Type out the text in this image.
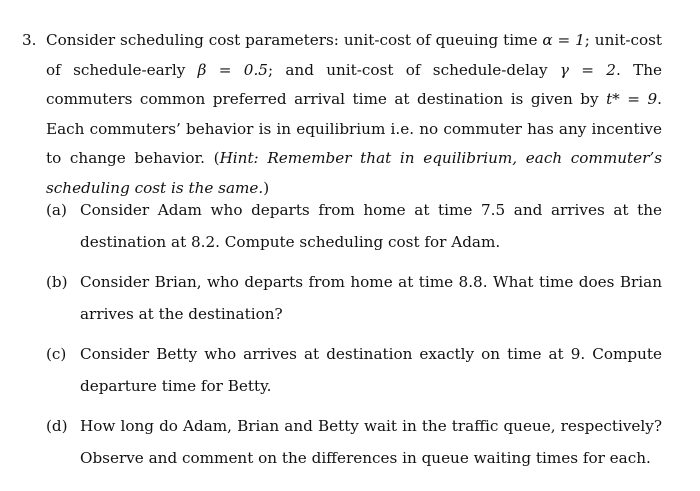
3. Consider scheduling cost parameters: unit-cost of queuing time α = 1; unit-cost of schedule-early β = 0.5; and unit-cost of schedule-delay γ = 2. The commuters common preferred arrival time at destination is given by t* = 9. Each commuters’ behavior is in equilibrium i.e. no commuter has any incentive to change behavior. (Hint: Remember that in equilibrium, each commuter’s scheduling cost is the same.)
(a) Consider Adam who departs from home at time 7.5 and arrives at the destination at 8.2. Compute scheduling cost for Adam.
(b) Consider Brian, who departs from home at time 8.8. What time does Brian arrives at the destination?
(c) Consider Betty who arrives at destination exactly on time at 9. Compute departure time for Betty.
(d) How long do Adam, Brian and Betty wait in the traffic queue, respectively? Observe and comment on the differences in queue waiting times for each.
